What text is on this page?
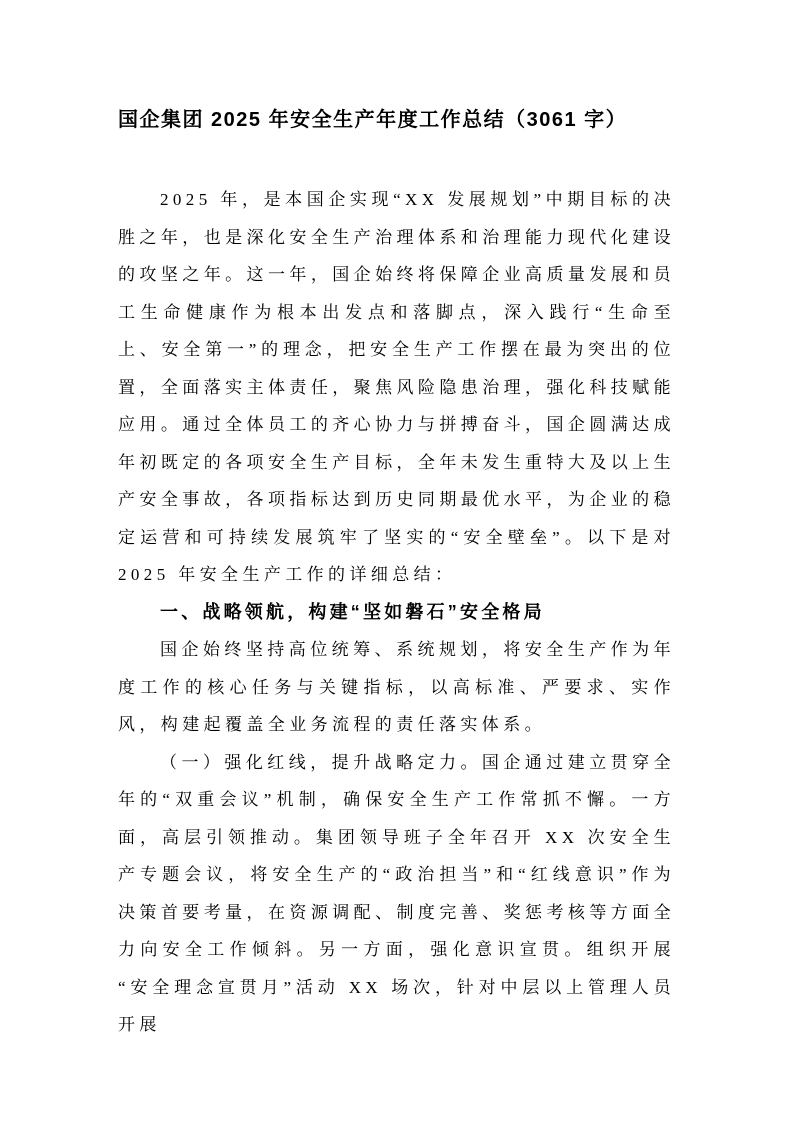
国企集团 2025 年安全生产年度工作总结（3061 字）

2025 年，是本国企实现“XX 发展规划”中期目标的决胜之年，也是深化安全生产治理体系和治理能力现代化建设的攻坚之年。这一年，国企始终将保障企业高质量发展和员工生命健康作为根本出发点和落脚点，深入践行“生命至上、安全第一”的理念，把安全生产工作摆在最为突出的位置，全面落实主体责任，聚焦风险隐患治理，强化科技赋能应用。通过全体员工的齐心协力与拼搏奋斗，国企圆满达成年初既定的各项安全生产目标，全年未发生重特大及以上生产安全事故，各项指标达到历史同期最优水平，为企业的稳定运营和可持续发展筑牢了坚实的“安全壁垒”。以下是对 2025 年安全生产工作的详细总结：

一、战略领航，构建“坚如磐石”安全格局

国企始终坚持高位统筹、系统规划，将安全生产作为年度工作的核心任务与关键指标，以高标准、严要求、实作风，构建起覆盖全业务流程的责任落实体系。

（一）强化红线，提升战略定力。国企通过建立贯穿全年的“双重会议”机制，确保安全生产工作常抓不懈。一方面，高层引领推动。集团领导班子全年召开 XX 次安全生产专题会议，将安全生产的“政治担当”和“红线意识”作为决策首要考量，在资源调配、制度完善、奖惩考核等方面全力向安全工作倾斜。另一方面，强化意识宣贯。组织开展“安全理念宣贯月”活动 XX 场次，针对中层以上管理人员开展
